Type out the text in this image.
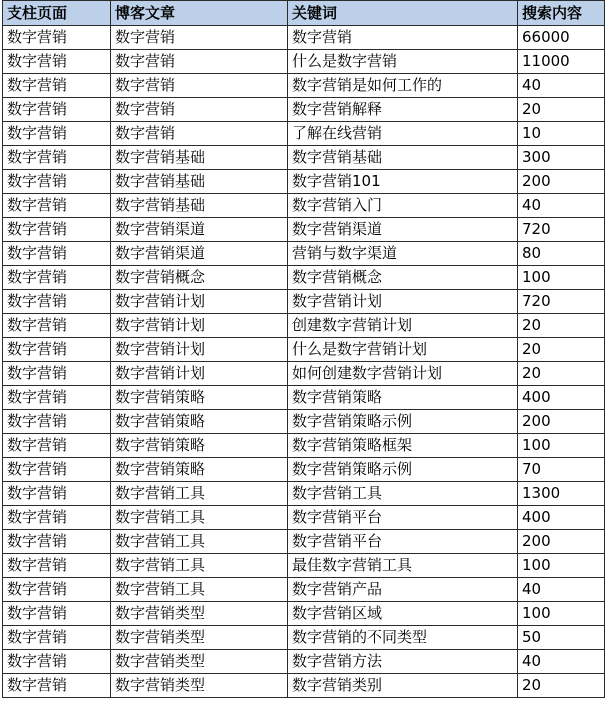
支柱页面	博客文章	关键词	搜索内容
数字营销	数字营销	数字营销	66000
数字营销	数字营销	什么是数字营销	11000
数字营销	数字营销	数字营销是如何工作的	40
数字营销	数字营销	数字营销解释	20
数字营销	数字营销	了解在线营销	10
数字营销	数字营销基础	数字营销基础	300
数字营销	数字营销基础	数字营销101	200
数字营销	数字营销基础	数字营销入门	40
数字营销	数字营销渠道	数字营销渠道	720
数字营销	数字营销渠道	营销与数字渠道	80
数字营销	数字营销概念	数字营销概念	100
数字营销	数字营销计划	数字营销计划	720
数字营销	数字营销计划	创建数字营销计划	20
数字营销	数字营销计划	什么是数字营销计划	20
数字营销	数字营销计划	如何创建数字营销计划	20
数字营销	数字营销策略	数字营销策略	400
数字营销	数字营销策略	数字营销策略示例	200
数字营销	数字营销策略	数字营销策略框架	100
数字营销	数字营销策略	数字营销策略示例	70
数字营销	数字营销工具	数字营销工具	1300
数字营销	数字营销工具	数字营销平台	400
数字营销	数字营销工具	数字营销平台	200
数字营销	数字营销工具	最佳数字营销工具	100
数字营销	数字营销工具	数字营销产品	40
数字营销	数字营销类型	数字营销区域	100
数字营销	数字营销类型	数字营销的不同类型	50
数字营销	数字营销类型	数字营销方法	40
数字营销	数字营销类型	数字营销类别	20
